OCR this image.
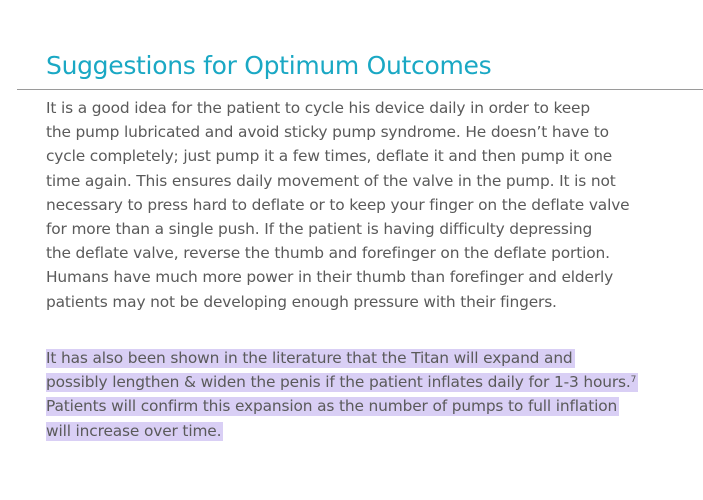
Suggestions for Optimum Outcomes
It is a good idea for the patient to cycle his device daily in order to keep
the pump lubricated and avoid sticky pump syndrome. He doesn’t have to
cycle completely; just pump it a few times, deflate it and then pump it one
time again. This ensures daily movement of the valve in the pump. It is not
necessary to press hard to deflate or to keep your finger on the deflate valve
for more than a single push. If the patient is having difficulty depressing
the deflate valve, reverse the thumb and forefinger on the deflate portion.
Humans have much more power in their thumb than forefinger and elderly
patients may not be developing enough pressure with their fingers.
It has also been shown in the literature that the Titan will expand and
possibly lengthen & widen the penis if the patient inflates daily for 1-3 hours.$^7$
Patients will confirm this expansion as the number of pumps to full inflation
will increase over time.
